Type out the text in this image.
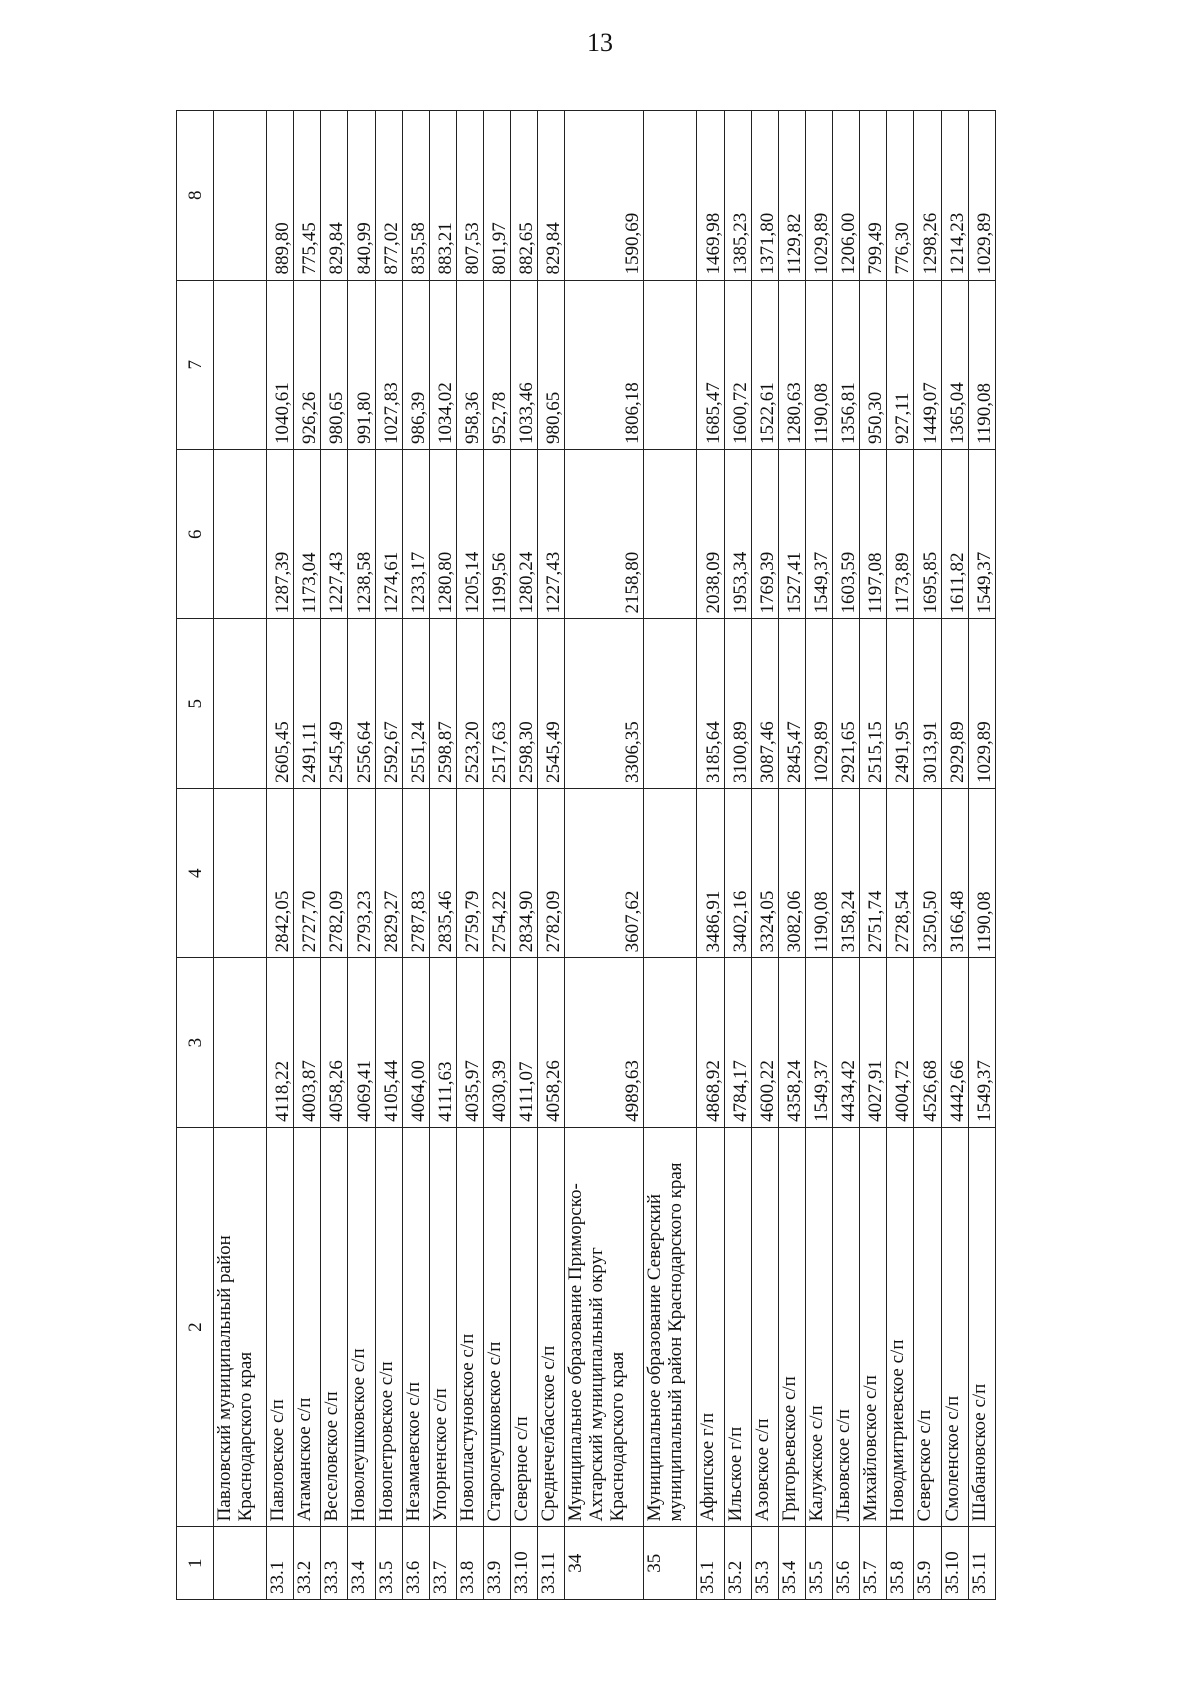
13
1	2	3	4	5	6	7	8
	Павловский муниципальный район Краснодарского края						
33.1	Павловское с/п	4118,22	2842,05	2605,45	1287,39	1040,61	889,80
33.2	Атаманское с/п	4003,87	2727,70	2491,11	1173,04	926,26	775,45
33.3	Веселовское с/п	4058,26	2782,09	2545,49	1227,43	980,65	829,84
33.4	Новолеушковское с/п	4069,41	2793,23	2556,64	1238,58	991,80	840,99
33.5	Новопетровское с/п	4105,44	2829,27	2592,67	1274,61	1027,83	877,02
33.6	Незамаевское с/п	4064,00	2787,83	2551,24	1233,17	986,39	835,58
33.7	Упорненское с/п	4111,63	2835,46	2598,87	1280,80	1034,02	883,21
33.8	Новопластуновское с/п	4035,97	2759,79	2523,20	1205,14	958,36	807,53
33.9	Старолеушковское с/п	4030,39	2754,22	2517,63	1199,56	952,78	801,97
33.10	Северное с/п	4111,07	2834,90	2598,30	1280,24	1033,46	882,65
33.11	Среднечелбасское с/п	4058,26	2782,09	2545,49	1227,43	980,65	829,84
34	Муниципальное образование Приморско-Ахтарский муниципальный округ Краснодарского края	4989,63	3607,62	3306,35	2158,80	1806,18	1590,69
35	Муниципальное образование Северский муниципальный район Краснодарского края						
35.1	Афипское г/п	4868,92	3486,91	3185,64	2038,09	1685,47	1469,98
35.2	Ильское г/п	4784,17	3402,16	3100,89	1953,34	1600,72	1385,23
35.3	Азовское с/п	4600,22	3324,05	3087,46	1769,39	1522,61	1371,80
35.4	Григорьевское с/п	4358,24	3082,06	2845,47	1527,41	1280,63	1129,82
35.5	Калужское с/п	1549,37	1190,08	1029,89	1549,37	1190,08	1029,89
35.6	Львовское с/п	4434,42	3158,24	2921,65	1603,59	1356,81	1206,00
35.7	Михайловское с/п	4027,91	2751,74	2515,15	1197,08	950,30	799,49
35.8	Новодмитриевское с/п	4004,72	2728,54	2491,95	1173,89	927,11	776,30
35.9	Северское с/п	4526,68	3250,50	3013,91	1695,85	1449,07	1298,26
35.10	Смоленское с/п	4442,66	3166,48	2929,89	1611,82	1365,04	1214,23
35.11	Шабановское с/п	1549,37	1190,08	1029,89	1549,37	1190,08	1029,89
